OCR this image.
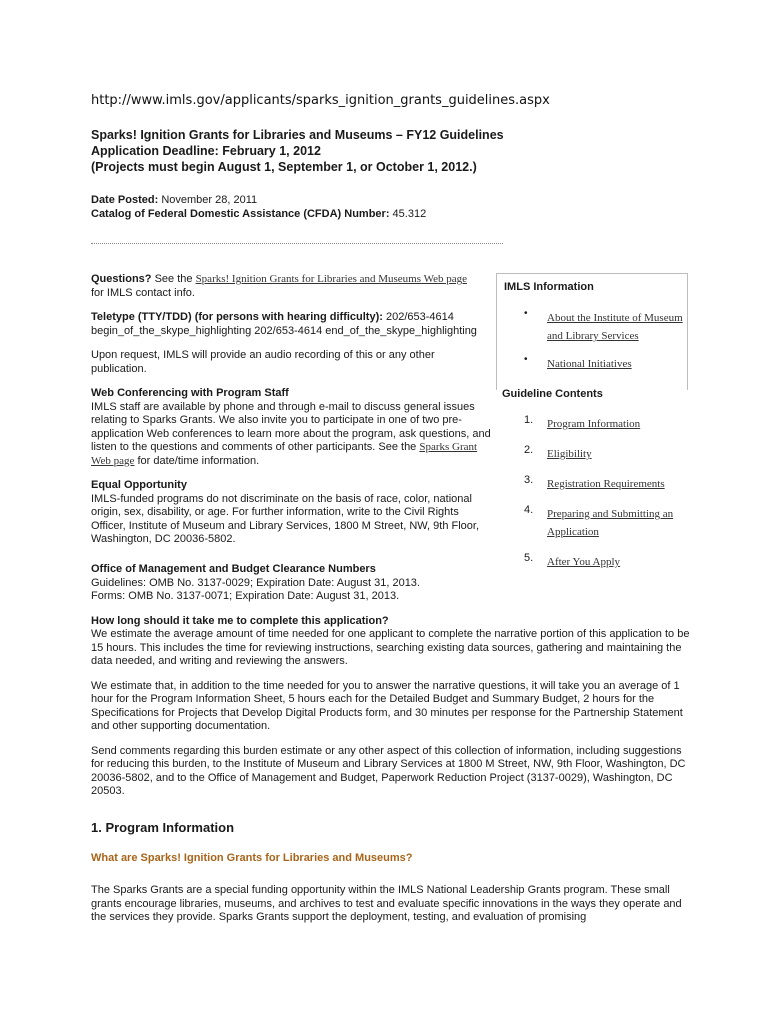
http://www.imls.gov/applicants/sparks_ignition_grants_guidelines.aspx
Sparks! Ignition Grants for Libraries and Museums – FY12 Guidelines
Application Deadline: February 1, 2012
(Projects must begin August 1, September 1, or October 1, 2012.)
Date Posted: November 28, 2011
Catalog of Federal Domestic Assistance (CFDA) Number: 45.312

Questions? See the Sparks! Ignition Grants for Libraries and Museums Web page
for IMLS contact info.

Teletype (TTY/TDD) (for persons with hearing difficulty): 202/653-4614
begin_of_the_skype_highlighting 202/653-4614 end_of_the_skype_highlighting

Upon request, IMLS will provide an audio recording of this or any other publication.

Web Conferencing with Program Staff
IMLS staff are available by phone and through e-mail to discuss general issues relating to Sparks Grants. We also invite you to participate in one of two pre-application Web conferences to learn more about the program, ask questions, and listen to the questions and comments of other participants. See the Sparks Grant Web page for date/time information.

Equal Opportunity
IMLS-funded programs do not discriminate on the basis of race, color, national origin, sex, disability, or age. For further information, write to the Civil Rights Officer, Institute of Museum and Library Services, 1800 M Street, NW, 9th Floor, Washington, DC 20036-5802.

IMLS Information
• About the Institute of Museum and Library Services
• National Initiatives
Guideline Contents
1. Program Information
2. Eligibility
3. Registration Requirements
4. Preparing and Submitting an Application
5. After You Apply

Office of Management and Budget Clearance Numbers
Guidelines: OMB No. 3137-0029; Expiration Date: August 31, 2013.
Forms: OMB No. 3137-0071; Expiration Date: August 31, 2013.

How long should it take me to complete this application?
We estimate the average amount of time needed for one applicant to complete the narrative portion of this application to be 15 hours. This includes the time for reviewing instructions, searching existing data sources, gathering and maintaining the data needed, and writing and reviewing the answers.

We estimate that, in addition to the time needed for you to answer the narrative questions, it will take you an average of 1 hour for the Program Information Sheet, 5 hours each for the Detailed Budget and Summary Budget, 2 hours for the Specifications for Projects that Develop Digital Products form, and 30 minutes per response for the Partnership Statement and other supporting documentation.

Send comments regarding this burden estimate or any other aspect of this collection of information, including suggestions for reducing this burden, to the Institute of Museum and Library Services at 1800 M Street, NW, 9th Floor, Washington, DC 20036-5802, and to the Office of Management and Budget, Paperwork Reduction Project (3137-0029), Washington, DC 20503.

1. Program Information
What are Sparks! Ignition Grants for Libraries and Museums?

The Sparks Grants are a special funding opportunity within the IMLS National Leadership Grants program. These small grants encourage libraries, museums, and archives to test and evaluate specific innovations in the ways they operate and the services they provide. Sparks Grants support the deployment, testing, and evaluation of promising
